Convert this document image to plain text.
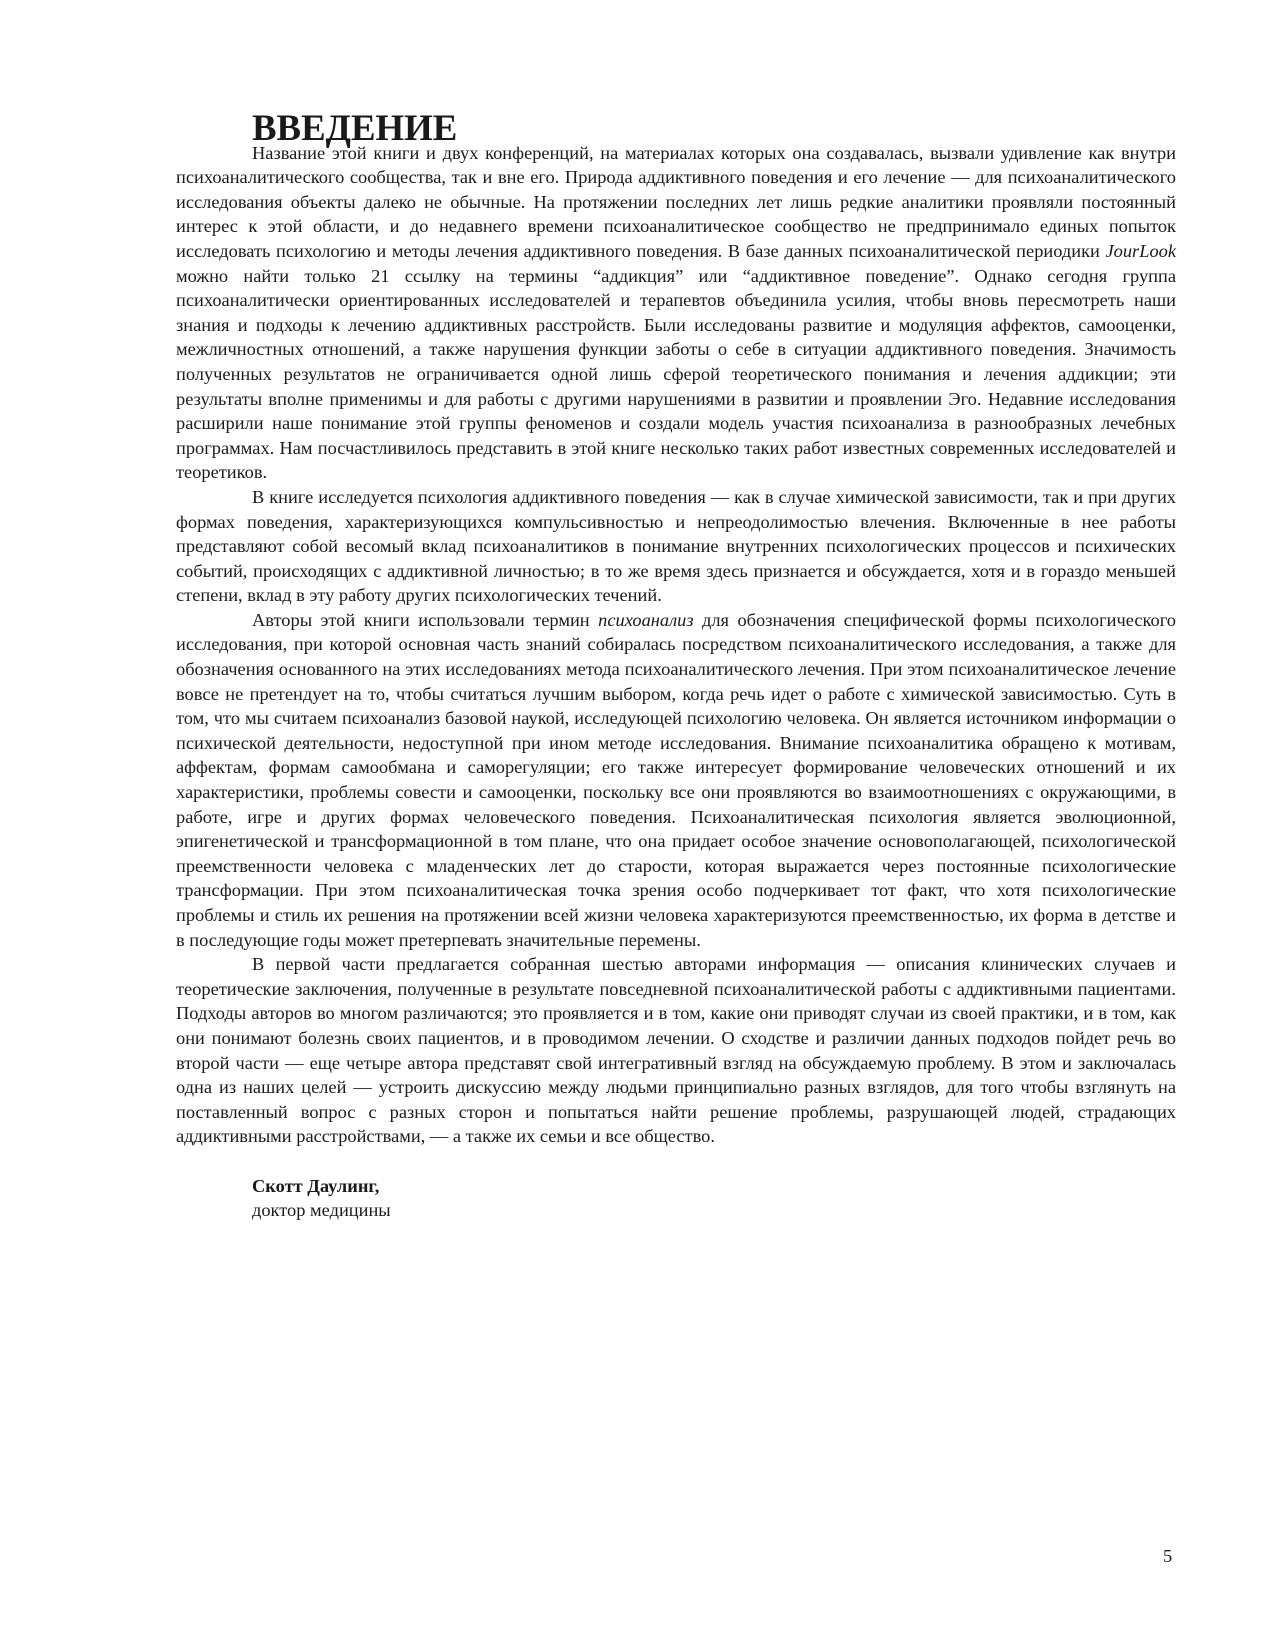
ВВЕДЕНИЕ

Название этой книги и двух конференций, на материалах которых она создавалась, вызвали удивление как внутри психоаналитического сообщества, так и вне его. Природа аддиктивного поведения и его лечение — для психоаналитического исследования объекты далеко не обычные. На протяжении последних лет лишь редкие аналитики проявляли постоянный интерес к этой области, и до недавнего времени психоаналитическое сообщество не предпринимало единых попыток исследовать психологию и методы лечения аддиктивного поведения. В базе данных психоаналитической периодики JourLook можно найти только 21 ссылку на термины “аддикция” или “аддиктивное поведение”. Однако сегодня группа психоаналитически ориентированных исследователей и терапевтов объединила усилия, чтобы вновь пересмотреть наши знания и подходы к лечению аддиктивных расстройств. Были исследованы развитие и модуляция аффектов, самооценки, межличностных отношений, а также нарушения функции заботы о себе в ситуации аддиктивного поведения. Значимость полученных результатов не ограничивается одной лишь сферой теоретического понимания и лечения аддикции; эти результаты вполне применимы и для работы с другими нарушениями в развитии и проявлении Эго. Недавние исследования расширили наше понимание этой группы феноменов и создали модель участия психоанализа в разнообразных лечебных программах. Нам посчастливилось представить в этой книге несколько таких работ известных современных исследователей и теоретиков.

В книге исследуется психология аддиктивного поведения — как в случае химической зависимости, так и при других формах поведения, характеризующихся компульсивностью и непреодолимостью влечения. Включенные в нее работы представляют собой весомый вклад психоаналитиков в понимание внутренних психологических процессов и психических событий, происходящих с аддиктивной личностью; в то же время здесь признается и обсуждается, хотя и в гораздо меньшей степени, вклад в эту работу других психологических течений.

Авторы этой книги использовали термин психоанализ для обозначения специфической формы психологического исследования, при которой основная часть знаний собиралась посредством психоаналитического исследования, а также для обозначения основанного на этих исследованиях метода психоаналитического лечения. При этом психоаналитическое лечение вовсе не претендует на то, чтобы считаться лучшим выбором, когда речь идет о работе с химической зависимостью. Суть в том, что мы считаем психоанализ базовой наукой, исследующей психологию человека. Он является источником информации о психической деятельности, недоступной при ином методе исследования. Внимание психоаналитика обращено к мотивам, аффектам, формам самообмана и саморегуляции; его также интересует формирование человеческих отношений и их характеристики, проблемы совести и самооценки, поскольку все они проявляются во взаимоотношениях с окружающими, в работе, игре и других формах человеческого поведения. Психоаналитическая психология является эволюционной, эпигенетической и трансформационной в том плане, что она придает особое значение основополагающей, психологической преемственности человека с младенческих лет до старости, которая выражается через постоянные психологические трансформации. При этом психоаналитическая точка зрения особо подчеркивает тот факт, что хотя психологические проблемы и стиль их решения на протяжении всей жизни человека характеризуются преемственностью, их форма в детстве и в последующие годы может претерпевать значительные перемены.

В первой части предлагается собранная шестью авторами информация — описания клинических случаев и теоретические заключения, полученные в результате повседневной психоаналитической работы с аддиктивными пациентами. Подходы авторов во многом различаются; это проявляется и в том, какие они приводят случаи из своей практики, и в том, как они понимают болезнь своих пациентов, и в проводимом лечении. О сходстве и различии данных подходов пойдет речь во второй части — еще четыре автора представят свой интегративный взгляд на обсуждаемую проблему. В этом и заключалась одна из наших целей — устроить дискуссию между людьми принципиально разных взглядов, для того чтобы взглянуть на поставленный вопрос с разных сторон и попытаться найти решение проблемы, разрушающей людей, страдающих аддиктивными расстройствами, — а также их семьи и все общество.

Скотт Даулинг,
доктор медицины
5
